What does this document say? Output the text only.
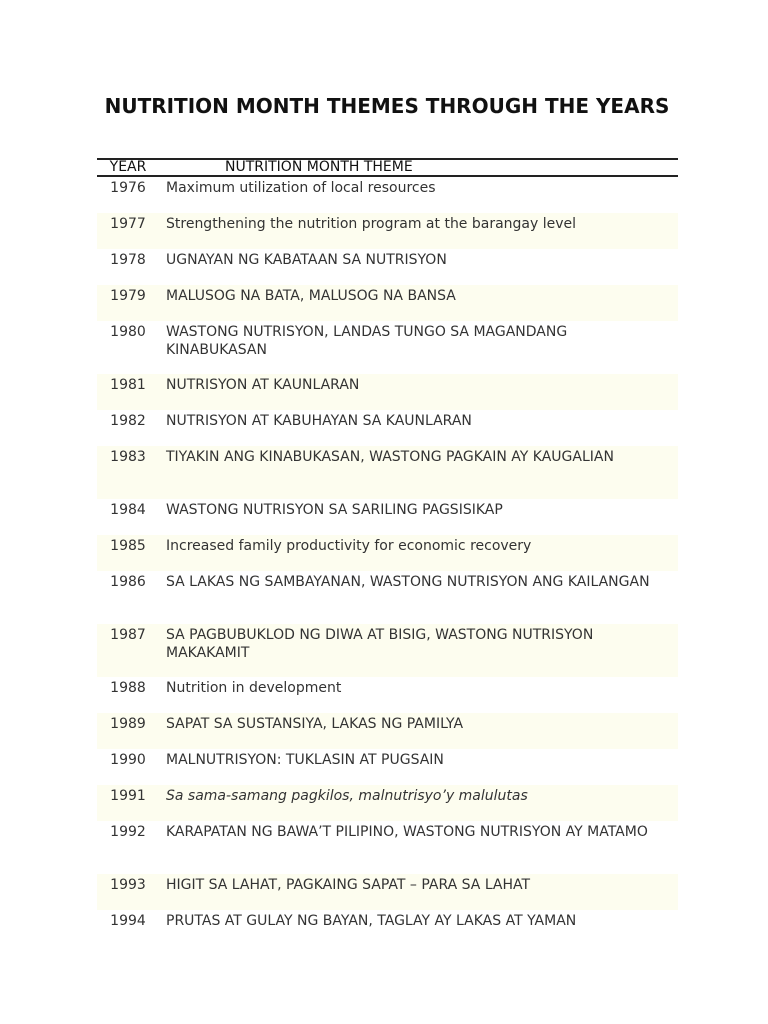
NUTRITION MONTH THEMES THROUGH THE YEARS
YEAR	NUTRITION MONTH THEME
1976	Maximum utilization of local resources
1977	Strengthening the nutrition program at the barangay level
1978	UGNAYAN NG KABATAAN SA NUTRISYON
1979	MALUSOG NA BATA, MALUSOG NA BANSA
1980	WASTONG NUTRISYON, LANDAS TUNGO SA MAGANDANG KINABUKASAN
1981	NUTRISYON AT KAUNLARAN
1982	NUTRISYON AT KABUHAYAN SA KAUNLARAN
1983	TIYAKIN ANG KINABUKASAN, WASTONG PAGKAIN AY KAUGALIAN
1984	WASTONG NUTRISYON SA SARILING PAGSISIKAP
1985	Increased family productivity for economic recovery
1986	SA LAKAS NG SAMBAYANAN, WASTONG NUTRISYON ANG KAILANGAN
1987	SA PAGBUBUKLOD NG DIWA AT BISIG, WASTONG NUTRISYON MAKAKAMIT
1988	Nutrition in development
1989	SAPAT SA SUSTANSIYA, LAKAS NG PAMILYA
1990	MALNUTRISYON: TUKLASIN AT PUGSAIN
1991	Sa sama-samang pagkilos, malnutrisyo’y malulutas
1992	KARAPATAN NG BAWA’T PILIPINO, WASTONG NUTRISYON AY MATAMO
1993	HIGIT SA LAHAT, PAGKAING SAPAT – PARA SA LAHAT
1994	PRUTAS AT GULAY NG BAYAN, TAGLAY AY LAKAS AT YAMAN
